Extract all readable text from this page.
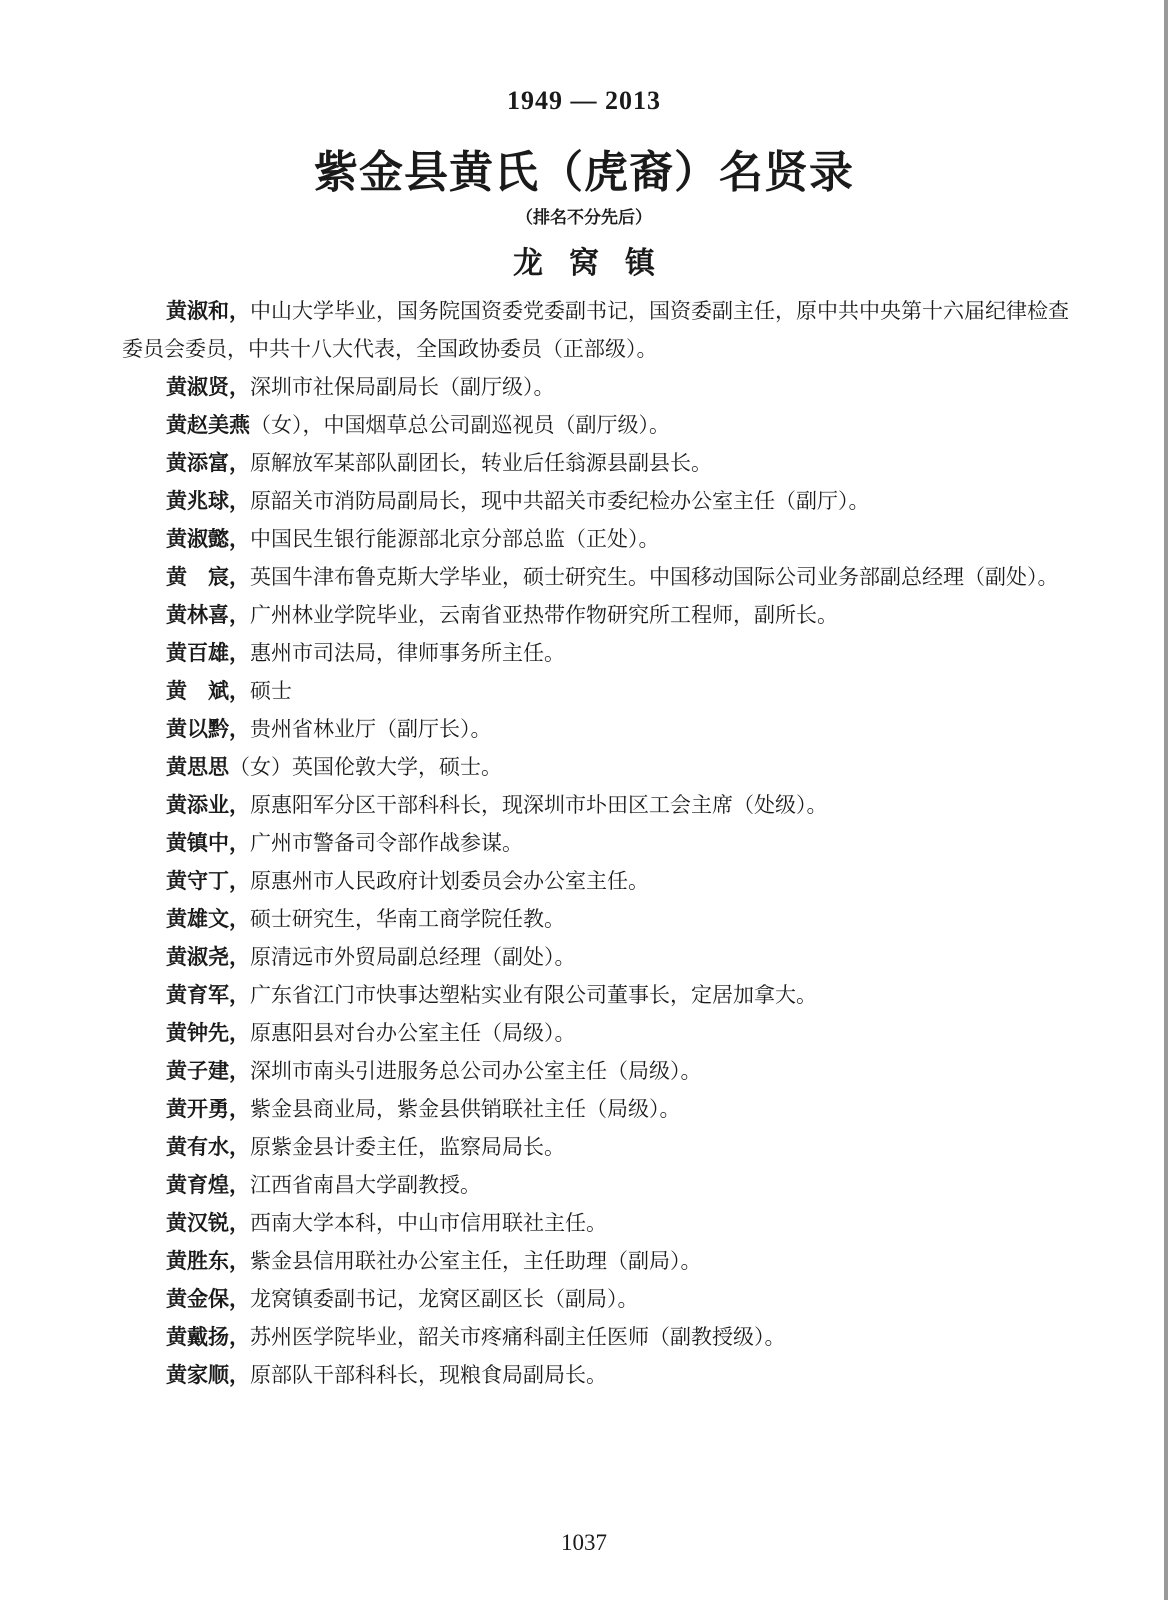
1949 — 2013
紫金县黄氏（虎裔）名贤录
（排名不分先后）
龙窝镇

黄淑和，中山大学毕业，国务院国资委党委副书记，国资委副主任，原中共中央第十六届纪律检查委员会委员，中共十八大代表，全国政协委员（正部级）。

黄淑贤，深圳市社保局副局长（副厅级）。

黄赵美燕（女），中国烟草总公司副巡视员（副厅级）。

黄添富，原解放军某部队副团长，转业后任翁源县副县长。

黄兆球，原韶关市消防局副局长，现中共韶关市委纪检办公室主任（副厅）。

黄淑懿，中国民生银行能源部北京分部总监（正处）。

黄　宸，英国牛津布鲁克斯大学毕业，硕士研究生。中国移动国际公司业务部副总经理（副处）。

黄林喜，广州林业学院毕业，云南省亚热带作物研究所工程师，副所长。

黄百雄，惠州市司法局，律师事务所主任。

黄　斌，硕士

黄以黔，贵州省林业厅（副厅长）。

黄思思（女）英国伦敦大学，硕士。

黄添业，原惠阳军分区干部科科长，现深圳市圤田区工会主席（处级）。

黄镇中，广州市警备司令部作战参谋。

黄守丁，原惠州市人民政府计划委员会办公室主任。

黄雄文，硕士研究生，华南工商学院任教。

黄淑尧，原清远市外贸局副总经理（副处）。

黄育军，广东省江门市快事达塑粘实业有限公司董事长，定居加拿大。

黄钟先，原惠阳县对台办公室主任（局级）。

黄子建，深圳市南头引进服务总公司办公室主任（局级）。

黄开勇，紫金县商业局，紫金县供销联社主任（局级）。

黄有水，原紫金县计委主任，监察局局长。

黄育煌，江西省南昌大学副教授。

黄汉锐，西南大学本科，中山市信用联社主任。

黄胜东，紫金县信用联社办公室主任，主任助理（副局）。

黄金保，龙窝镇委副书记，龙窝区副区长（副局）。

黄戴扬，苏州医学院毕业，韶关市疼痛科副主任医师（副教授级）。

黄家顺，原部队干部科科长，现粮食局副局长。

1037
